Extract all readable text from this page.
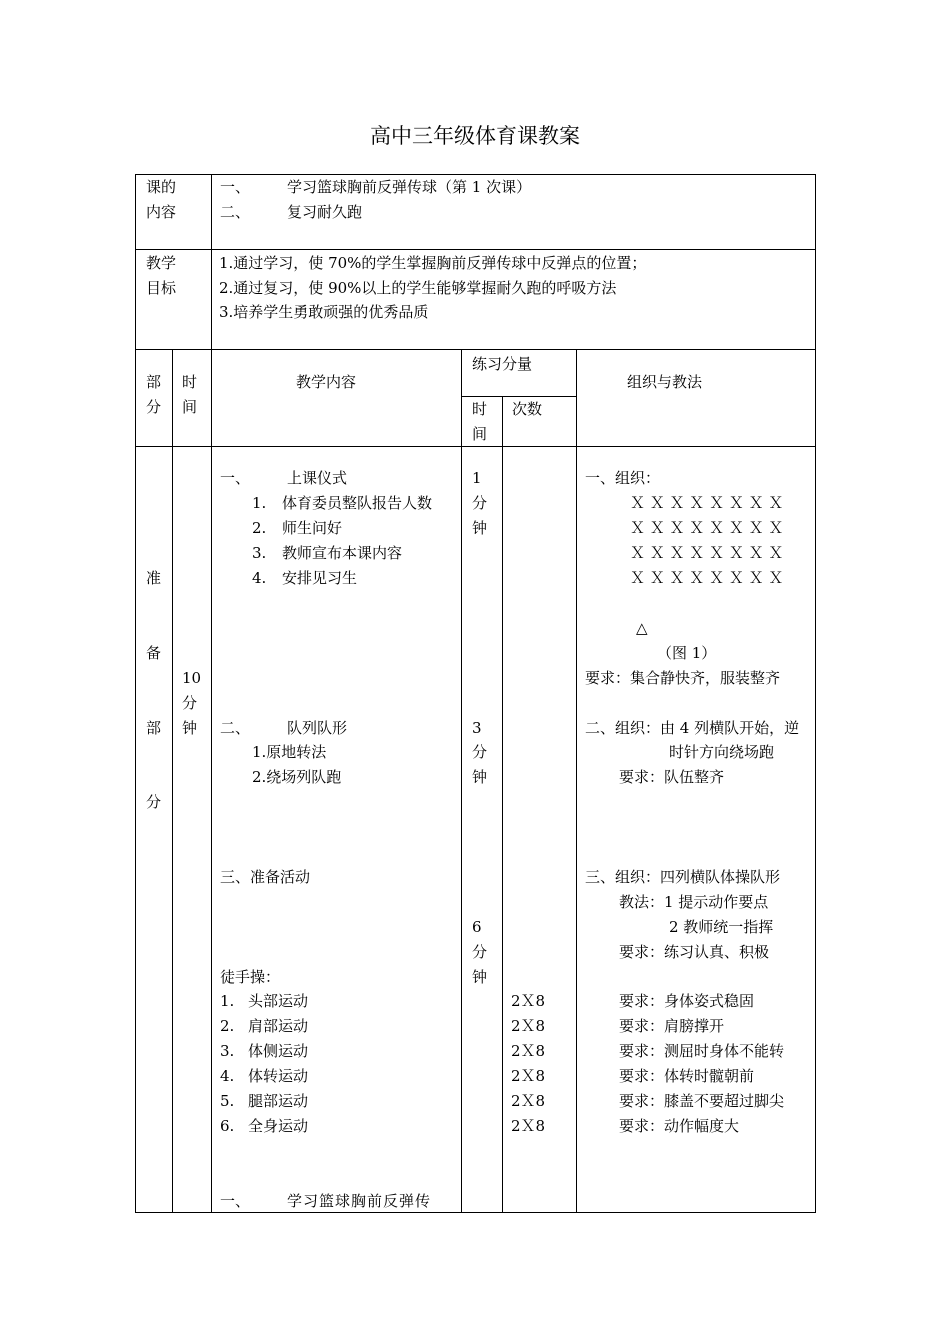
高中三年级体育课教案
课的
内容
一、 学习篮球胸前反弹传球（第 1 次课）
二、 复习耐久跑
教学
目标
1.通过学习，使 70%的学生掌握胸前反弹传球中反弹点的位置；
2.通过复习，使 90%以上的学生能够掌握耐久跑的呼吸方法
3.培养学生勇敢顽强的优秀品质
部
分
时
间
教学内容
练习分量
时
间
次数
组织与教法
准
备
部
分
10
分
钟
一、 上课仪式
1. 体育委员整队报告人数
2. 师生问好
3. 教师宣布本课内容
4. 安排见习生
二、 队列队形
1.原地转法
2.绕场列队跑
三、准备活动
徒手操：
1. 头部运动
2. 肩部运动
3. 体侧运动
4. 体转运动
5. 腿部运动
6. 全身运动
一、 学习篮球胸前反弹传
1
分
钟
3
分
钟
6
分
钟
2Ｘ8
2Ｘ8
2Ｘ8
2Ｘ8
2Ｘ8
2Ｘ8
一、组织：
Ｘ Ｘ Ｘ Ｘ Ｘ Ｘ Ｘ Ｘ
Ｘ Ｘ Ｘ Ｘ Ｘ Ｘ Ｘ Ｘ
Ｘ Ｘ Ｘ Ｘ Ｘ Ｘ Ｘ Ｘ
Ｘ Ｘ Ｘ Ｘ Ｘ Ｘ Ｘ Ｘ
△
（图 1）
要求：集合静快齐，服装整齐
二、组织：由 4 列横队开始，逆
时针方向绕场跑
要求：队伍整齐
三、组织：四列横队体操队形
教法：1 提示动作要点
2 教师统一指挥
要求：练习认真、积极
要求：身体姿式稳固
要求：肩膀撑开
要求：测屈时身体不能转
要求：体转时髋朝前
要求：膝盖不要超过脚尖
要求：动作幅度大
